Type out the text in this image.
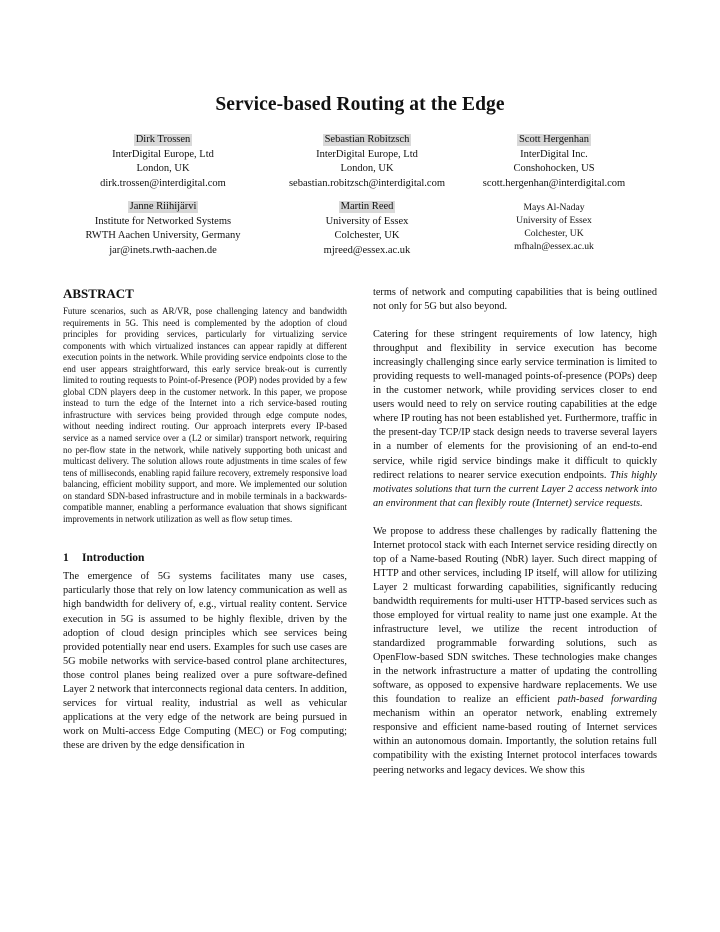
Service-based Routing at the Edge
Dirk Trossen
InterDigital Europe, Ltd
London, UK
dirk.trossen@interdigital.com
Sebastian Robitzsch
InterDigital Europe, Ltd
London, UK
sebastian.robitzsch@interdigital.com
Scott Hergenhan
InterDigital Inc.
Conshohocken, US
scott.hergenhan@interdigital.com
Janne Riihijärvi
Institute for Networked Systems
RWTH Aachen University, Germany
jar@inets.rwth-aachen.de
Martin Reed
University of Essex
Colchester, UK
mjreed@essex.ac.uk
Mays Al-Naday
University of Essex
Colchester, UK
mfhaln@essex.ac.uk
ABSTRACT

Future scenarios, such as AR/VR, pose challenging latency and bandwidth requirements in 5G. This need is complemented by the adoption of cloud principles for providing services, particularly for virtualizing service components with which virtualized instances can appear rapidly at different execution points in the network. While providing service endpoints close to the end user appears straightforward, this early service break-out is currently limited to routing requests to Point-of-Presence (POP) nodes provided by a few global CDN players deep in the customer network. In this paper, we propose instead to turn the edge of the Internet into a rich service-based routing infrastructure with services being provided through edge compute nodes, without needing indirect routing. Our approach interprets every IP-based service as a named service over a (L2 or similar) transport network, requiring no per-flow state in the network, while natively supporting both unicast and multicast delivery. The solution allows route adjustments in time scales of few tens of milliseconds, enabling rapid failure recovery, extremely responsive load balancing, efficient mobility support, and more. We implemented our solution on standard SDN-based infrastructure and in mobile terminals in a backwards-compatible manner, enabling a performance evaluation that shows significant improvements in network utilization as well as flow setup times.

1 Introduction

The emergence of 5G systems facilitates many use cases, particularly those that rely on low latency communication as well as high bandwidth for delivery of, e.g., virtual reality content. Service execution in 5G is assumed to be highly flexible, driven by the adoption of cloud design principles which see services being provided potentially near end users. Examples for such use cases are 5G mobile networks with service-based control plane architectures, those control planes being realized over a pure software-defined Layer 2 network that interconnects regional data centers. In addition, services for virtual reality, industrial as well as vehicular applications at the very edge of the network are being pursued in work on Multi-access Edge Computing (MEC) or Fog computing; these are driven by the edge densification in

terms of network and computing capabilities that is being outlined not only for 5G but also beyond.

Catering for these stringent requirements of low latency, high throughput and flexibility in service execution has become increasingly challenging since early service termination is limited to providing requests to well-managed points-of-presence (POPs) deep in the customer network, while providing services closer to end users would need to rely on service routing capabilities at the edge where IP routing has not been established yet. Furthermore, traffic in the present-day TCP/IP stack design needs to traverse several layers in a number of elements for the provisioning of an end-to-end service, while rigid service bindings make it difficult to quickly redirect relations to nearer service execution endpoints. This highly motivates solutions that turn the current Layer 2 access network into an environment that can flexibly route (Internet) service requests.

We propose to address these challenges by radically flattening the Internet protocol stack with each Internet service residing directly on top of a Name-based Routing (NbR) layer. Such direct mapping of HTTP and other services, including IP itself, will allow for utilizing Layer 2 multicast forwarding capabilities, significantly reducing bandwidth requirements for multi-user HTTP-based services such as those employed for virtual reality to name just one example. At the infrastructure level, we utilize the recent introduction of standardized programmable forwarding solutions, such as OpenFlow-based SDN switches. These technologies make changes in the network infrastructure a matter of updating the controlling software, as opposed to expensive hardware replacements. We use this foundation to realize an efficient path-based forwarding mechanism within an operator network, enabling extremely responsive and efficient name-based routing of Internet services within an autonomous domain. Importantly, the solution retains full compatibility with the existing Internet protocol interfaces towards peering networks and legacy devices. We show this
